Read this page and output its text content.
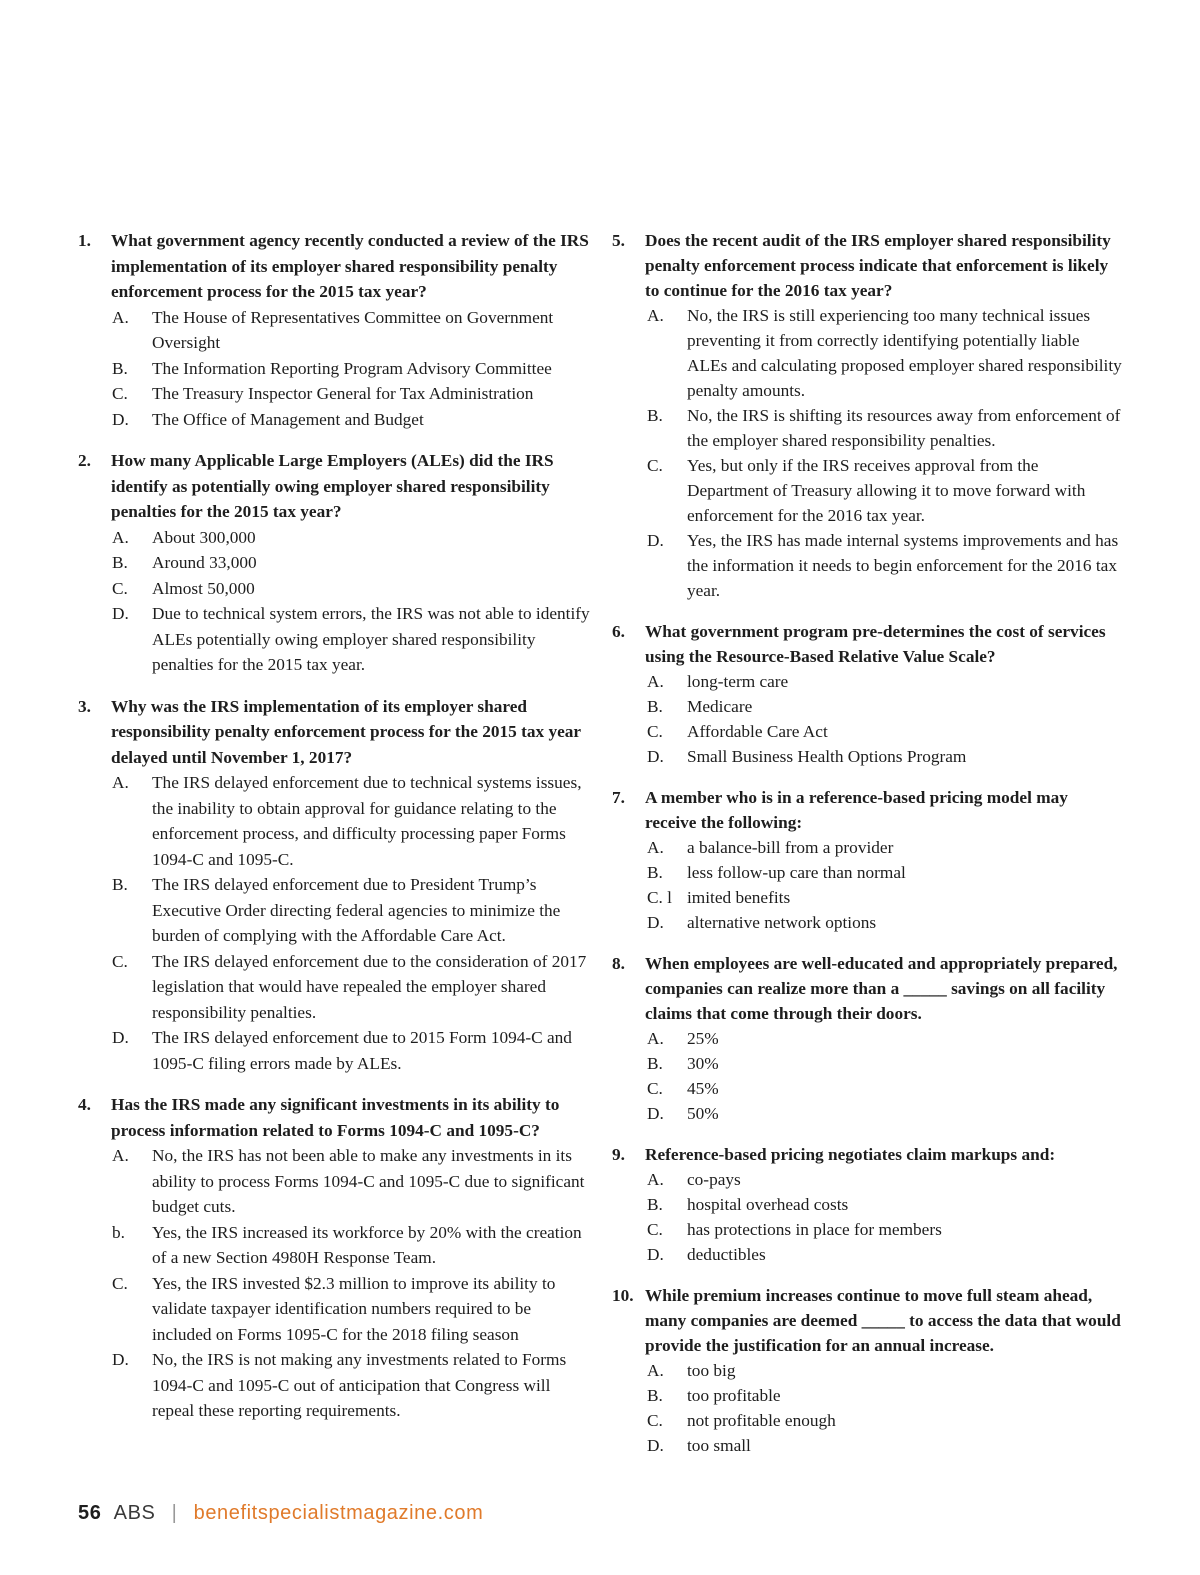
1.	What government agency recently conducted a review of the IRS implementation of its employer shared responsibility penalty enforcement process for the 2015 tax year?
A.	The House of Representatives Committee on Government Oversight
B.	The Information Reporting Program Advisory Committee
C.	The Treasury Inspector General for Tax Administration
D.	The Office of Management and Budget
2.	How many Applicable Large Employers (ALEs) did the IRS identify as potentially owing employer shared responsibility penalties for the 2015 tax year?
A.	About 300,000
B.	Around 33,000
C.	Almost 50,000
D.	Due to technical system errors, the IRS was not able to identify ALEs potentially owing employer shared responsibility penalties for the 2015 tax year.
3.	Why was the IRS implementation of its employer shared responsibility penalty enforcement process for the 2015 tax year delayed until November 1, 2017?
A.	The IRS delayed enforcement due to technical systems issues, the inability to obtain approval for guidance relating to the enforcement process, and difficulty processing paper Forms 1094-C and 1095-C.
B.	The IRS delayed enforcement due to President Trump’s Executive Order directing federal agencies to minimize the burden of complying with the Affordable Care Act.
C.	The IRS delayed enforcement due to the consideration of 2017 legislation that would have repealed the employer shared responsibility penalties.
D.	The IRS delayed enforcement due to 2015 Form 1094-C and 1095-C filing errors made by ALEs.
4.	Has the IRS made any significant investments in its ability to process information related to Forms 1094-C and 1095-C?
A.	No, the IRS has not been able to make any investments in its ability to process Forms 1094-C and 1095-C due to significant budget cuts.
b.	Yes, the IRS increased its workforce by 20% with the creation of a new Section 4980H Response Team.
C.	Yes, the IRS invested $2.3 million to improve its ability to validate taxpayer identification numbers required to be included on Forms 1095-C for the 2018 filing season
D.	No, the IRS is not making any investments related to Forms 1094-C and 1095-C out of anticipation that Congress will repeal these reporting requirements.
5.	Does the recent audit of the IRS employer shared responsibility penalty enforcement process indicate that enforcement is likely to continue for the 2016 tax year?
A.	No, the IRS is still experiencing too many technical issues preventing it from correctly identifying potentially liable ALEs and calculating proposed employer shared responsibility penalty amounts.
B.	No, the IRS is shifting its resources away from enforcement of the employer shared responsibility penalties.
C.	Yes, but only if the IRS receives approval from the Department of Treasury allowing it to move forward with enforcement for the 2016 tax year.
D.	Yes, the IRS has made internal systems improvements and has the information it needs to begin enforcement for the 2016 tax year.
6.	What government program pre-determines the cost of services using the Resource-Based Relative Value Scale?
A.	long-term care
B.	Medicare
C.	Affordable Care Act
D.	Small Business Health Options Program
7.	A member who is in a reference-based pricing model may receive the following:
A.	a balance-bill from a provider
B.	less follow-up care than normal
C. l imited benefits
D.	alternative network options
8.	When employees are well-educated and appropriately prepared, companies can realize more than a _____ savings on all facility claims that come through their doors.
A.	25%
B.	30%
C.	45%
D.	50%
9.	Reference-based pricing negotiates claim markups and:
A.	co-pays
B.	hospital overhead costs
C.	has protections in place for members
D.	deductibles
10. While premium increases continue to move full steam ahead, many companies are deemed _____ to access the data that would provide the justification for an annual increase.
A.	too big
B.	too profitable
C.	not profitable enough
D.	too small
56 ABS | benefitspecialistmagazine.com
